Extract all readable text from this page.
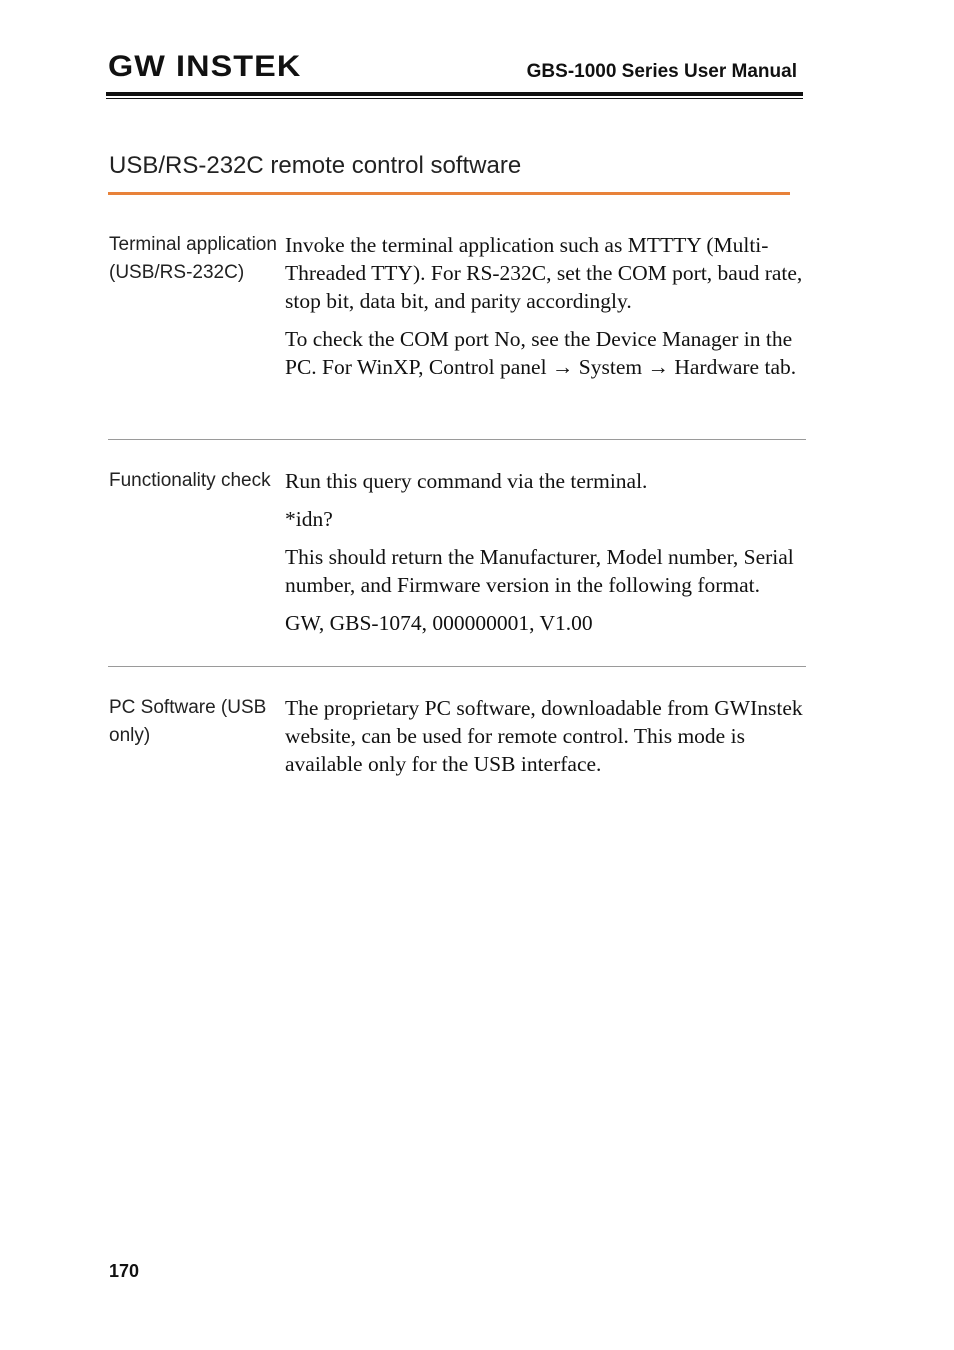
GW INSTEK	GBS-1000 Series User Manual
USB/RS-232C remote control software
Terminal application (USB/RS-232C)

Invoke the terminal application such as MTTTY (Multi-Threaded TTY). For RS-232C, set the COM port, baud rate, stop bit, data bit, and parity accordingly.

To check the COM port No, see the Device Manager in the PC. For WinXP, Control panel → System → Hardware tab.

Functionality check Run this query command via the terminal.

*idn?

This should return the Manufacturer, Model number, Serial number, and Firmware version in the following format.

GW, GBS-1074, 000000001, V1.00

PC Software (USB only)

The proprietary PC software, downloadable from GWInstek website, can be used for remote control. This mode is available only for the USB interface.

170
